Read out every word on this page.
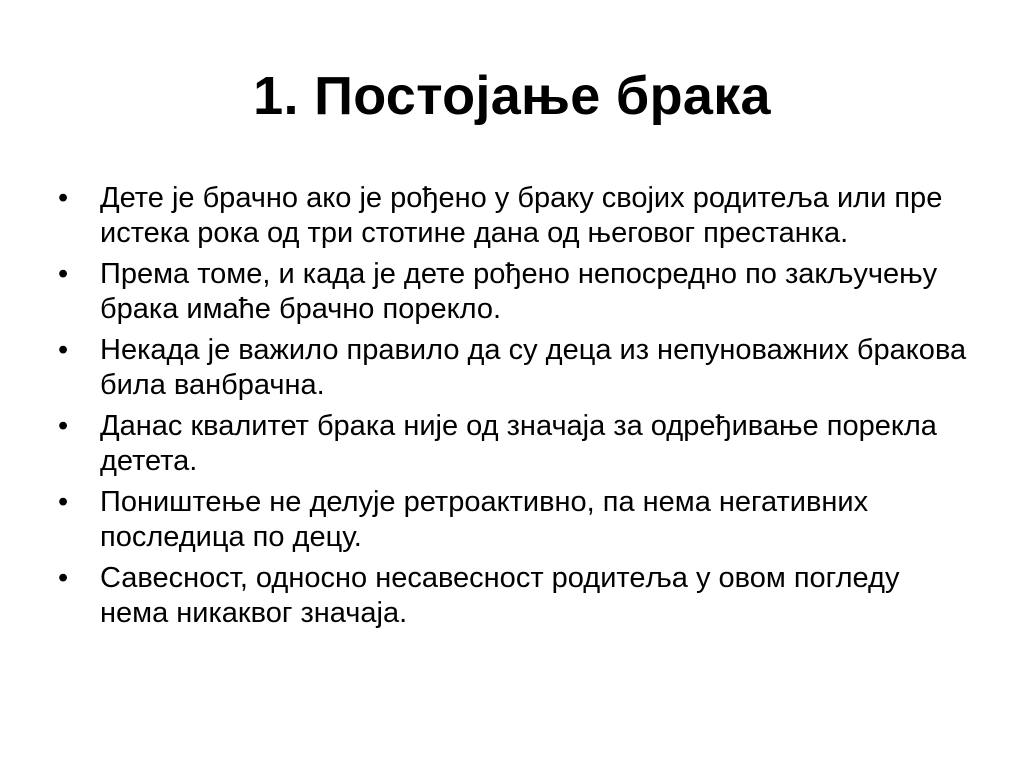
1. Постојање брака
•	Дете је брачно ако је рођено у браку својих родитеља или пре истека рока од три стотине дана од његовог престанка.
•	Према томе, и када је дете рођено непосредно по закључењу брака имаће брачно порекло.
•	Некада је важило правило да су деца из непуноважних бракова била ванбрачна.
•	Данас квалитет брака није од значаја за одређивање порекла детета.
•	Поништење не делује ретроактивно, па нема негативних последица по децу.
•	Савесност, односно несавесност родитеља у овом погледу нема никаквог значаја.
